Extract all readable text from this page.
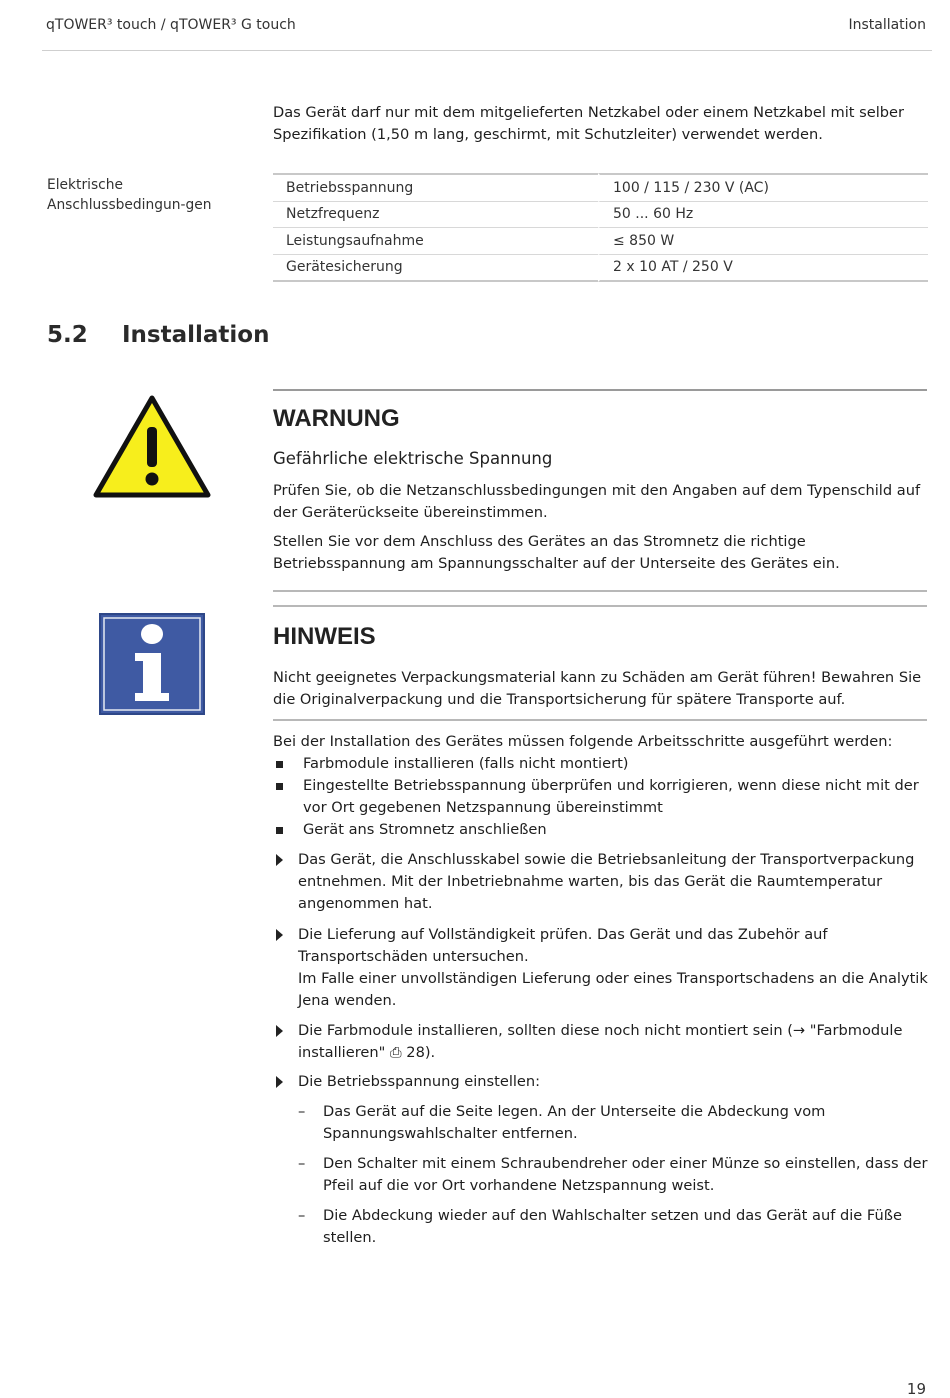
qTOWER³ touch / qTOWER³ G touch	Installation
Das Gerät darf nur mit dem mitgelieferten Netzkabel oder einem Netzkabel mit selber Spezifikation (1,50 m lang, geschirmt, mit Schutzleiter) verwendet werden.
Elektrische Anschlussbedingun-gen
Betriebsspannung	100 / 115 / 230 V (AC)
Netzfrequenz	50 ... 60 Hz
Leistungsaufnahme	≤ 850 W
Gerätesicherung	2 x 10 AT / 250 V
5.2 Installation
WARNUNG
Gefährliche elektrische Spannung
Prüfen Sie, ob die Netzanschlussbedingungen mit den Angaben auf dem Typenschild auf der Geräterückseite übereinstimmen.
Stellen Sie vor dem Anschluss des Gerätes an das Stromnetz die richtige Betriebsspannung am Spannungsschalter auf der Unterseite des Gerätes ein.
HINWEIS
Nicht geeignetes Verpackungsmaterial kann zu Schäden am Gerät führen! Bewahren Sie die Originalverpackung und die Transportsicherung für spätere Transporte auf.
Bei der Installation des Gerätes müssen folgende Arbeitsschritte ausgeführt werden:
Farbmodule installieren (falls nicht montiert)
Eingestellte Betriebsspannung überprüfen und korrigieren, wenn diese nicht mit der vor Ort gegebenen Netzspannung übereinstimmt
Gerät ans Stromnetz anschließen
Das Gerät, die Anschlusskabel sowie die Betriebsanleitung der Transportverpackung entnehmen. Mit der Inbetriebnahme warten, bis das Gerät die Raumtemperatur angenommen hat.
Die Lieferung auf Vollständigkeit prüfen. Das Gerät und das Zubehör auf Transportschäden untersuchen.
Im Falle einer unvollständigen Lieferung oder eines Transportschadens an die Analytik Jena wenden.
Die Farbmodule installieren, sollten diese noch nicht montiert sein (→ "Farbmodule installieren" ⎙ 28).
Die Betriebsspannung einstellen:
– Das Gerät auf die Seite legen. An der Unterseite die Abdeckung vom Spannungswahlschalter entfernen.
– Den Schalter mit einem Schraubendreher oder einer Münze so einstellen, dass der Pfeil auf die vor Ort vorhandene Netzspannung weist.
– Die Abdeckung wieder auf den Wahlschalter setzen und das Gerät auf die Füße stellen.
19
